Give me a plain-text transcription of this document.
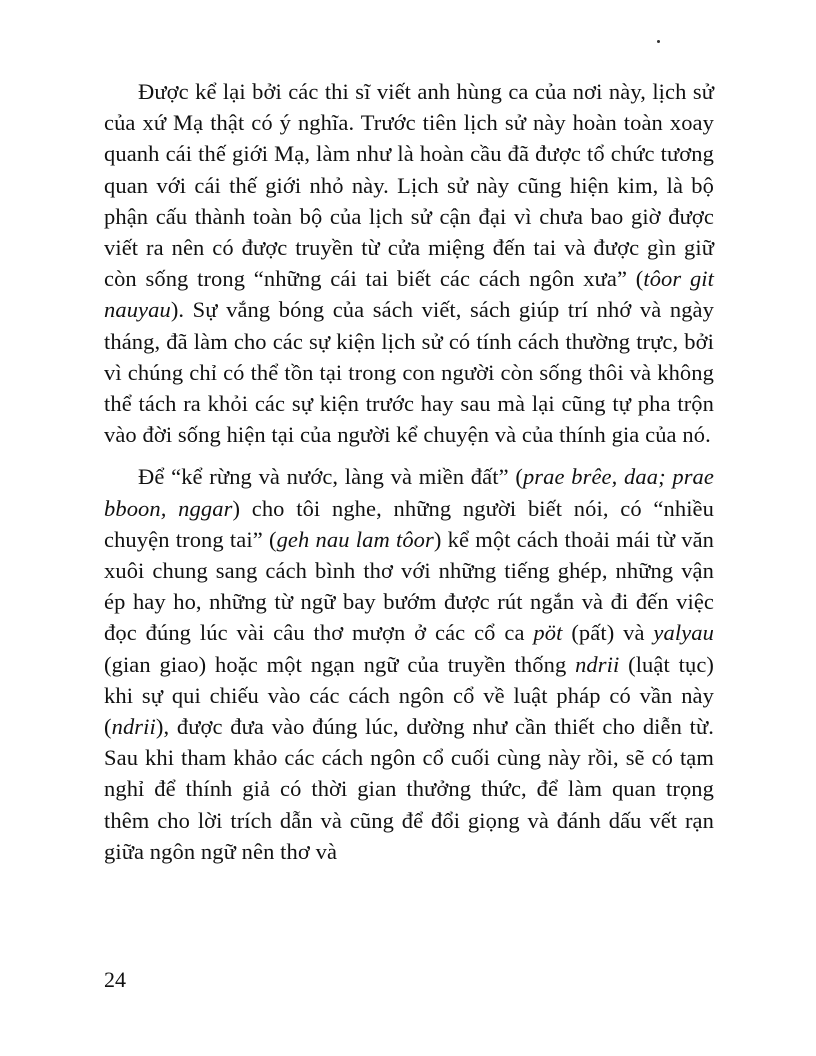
Được kể lại bởi các thi sĩ viết anh hùng ca của nơi này, lịch sử của xứ Mạ thật có ý nghĩa. Trước tiên lịch sử này hoàn toàn xoay quanh cái thế giới Mạ, làm như là hoàn cầu đã được tổ chức tương quan với cái thế giới nhỏ này. Lịch sử này cũng hiện kim, là bộ phận cấu thành toàn bộ của lịch sử cận đại vì chưa bao giờ được viết ra nên có được truyền từ cửa miệng đến tai và được gìn giữ còn sống trong “những cái tai biết các cách ngôn xưa” (tôor git nauyau). Sự vắng bóng của sách viết, sách giúp trí nhớ và ngày tháng, đã làm cho các sự kiện lịch sử có tính cách thường trực, bởi vì chúng chỉ có thể tồn tại trong con người còn sống thôi và không thể tách ra khỏi các sự kiện trước hay sau mà lại cũng tự pha trộn vào đời sống hiện tại của người kể chuyện và của thính gia của nó.

Để “kể rừng và nước, làng và miền đất” (prae brêe, daa; prae bboon, nggar) cho tôi nghe, những người biết nói, có “nhiều chuyện trong tai” (geh nau lam tôor) kể một cách thoải mái từ văn xuôi chung sang cách bình thơ với những tiếng ghép, những vận ép hay ho, những từ ngữ bay bướm được rút ngắn và đi đến việc đọc đúng lúc vài câu thơ mượn ở các cổ ca pöt (pất) và yalyau (gian giao) hoặc một ngạn ngữ của truyền thống ndrii (luật tục) khi sự qui chiếu vào các cách ngôn cổ về luật pháp có vần này (ndrii), được đưa vào đúng lúc, dường như cần thiết cho diễn từ. Sau khi tham khảo các cách ngôn cổ cuối cùng này rồi, sẽ có tạm nghỉ để thính giả có thời gian thưởng thức, để làm quan trọng thêm cho lời trích dẫn và cũng để đổi giọng và đánh dấu vết rạn giữa ngôn ngữ nên thơ và

24
